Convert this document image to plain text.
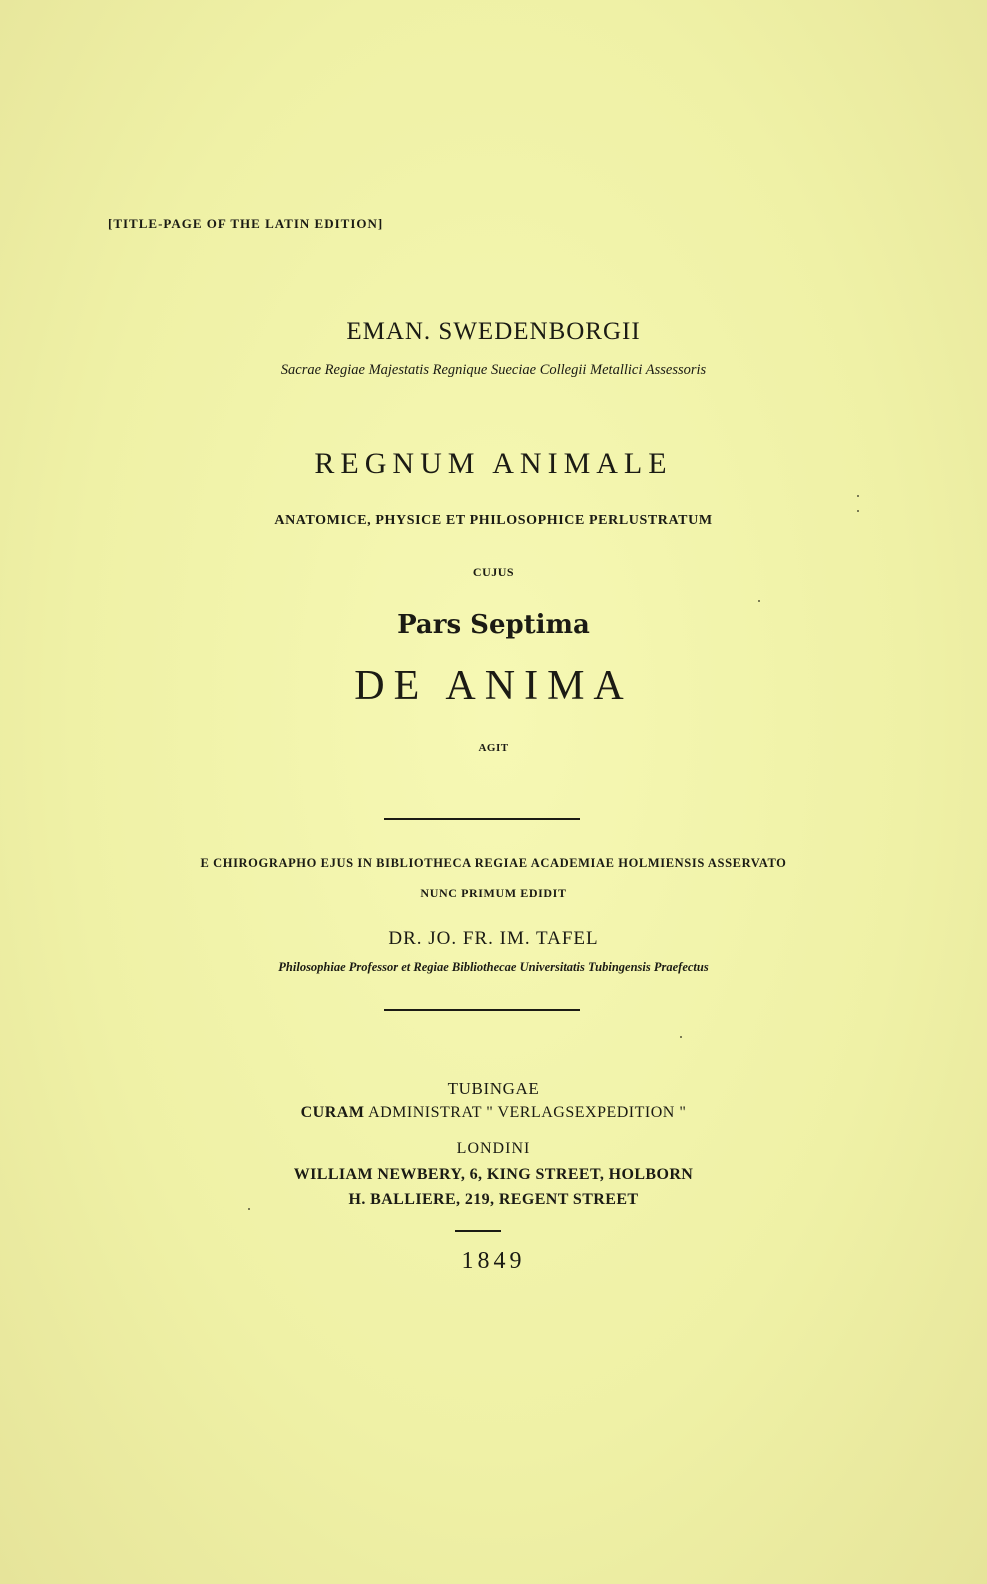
[TITLE-PAGE OF THE LATIN EDITION]
EMAN. SWEDENBORGII
Sacrae Regiae Majestatis Regnique Sueciae Collegii Metallici Assessoris
REGNUM ANIMALE
ANATOMICE, PHYSICE ET PHILOSOPHICE PERLUSTRATUM
CUJUS
Pars Septima
DE ANIMA
AGIT
E CHIROGRAPHO EJUS IN BIBLIOTHECA REGIAE ACADEMIAE HOLMIENSIS ASSERVATO
NUNC PRIMUM EDIDIT
DR. JO. FR. IM. TAFEL
Philosophiae Professor et Regiae Bibliothecae Universitatis Tubingensis Praefectus
TUBINGAE
CURAM ADMINISTRAT " VERLAGSEXPEDITION "
LONDINI
WILLIAM NEWBERY, 6, KING STREET, HOLBORN
H. BALLIERE, 219, REGENT STREET
1849
